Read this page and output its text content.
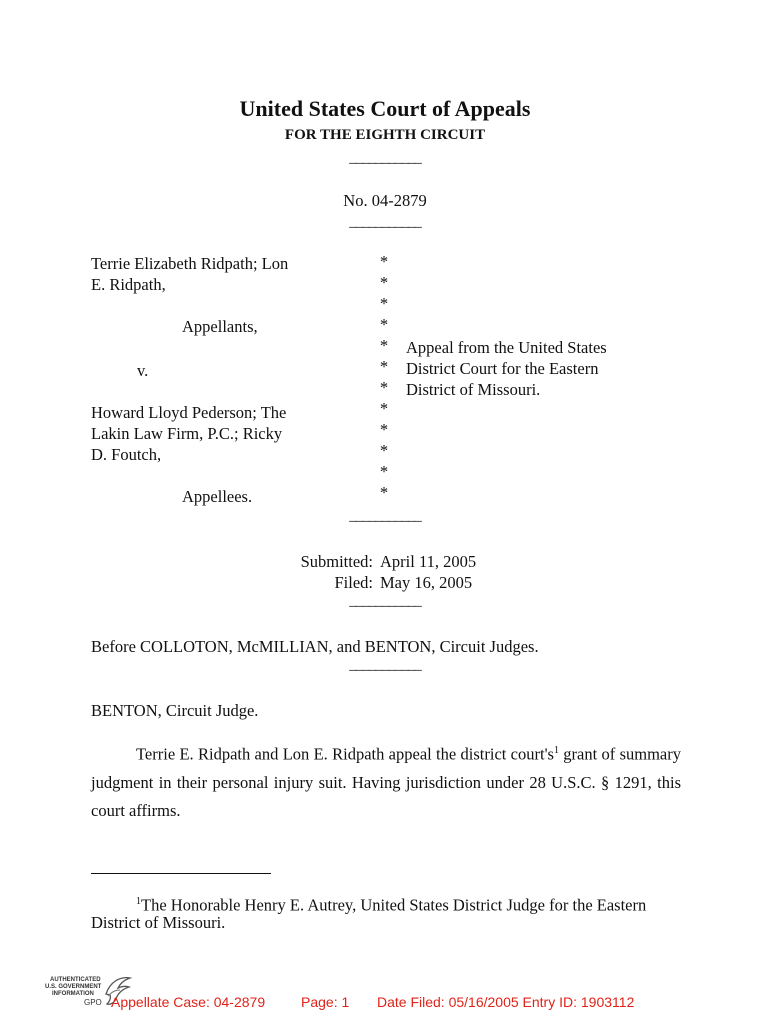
United States Court of Appeals
FOR THE EIGHTH CIRCUIT
___________
No. 04-2879
___________
Terrie Elizabeth Ridpath; Lon
E. Ridpath,
Appellants,
v.
Howard Lloyd Pederson; The
Lakin Law Firm, P.C.; Ricky
D. Foutch,
Appellees.
*
*
*
*
*
*
*
*
*
*
*
*
Appeal from the United States
District Court for the Eastern
District of Missouri.
___________
Submitted: April 11, 2005
Filed: May 16, 2005
___________
Before COLLOTON, McMILLIAN, and BENTON, Circuit Judges.
___________
BENTON, Circuit Judge.
Terrie E. Ridpath and Lon E. Ridpath appeal the district $court's^1$ grant of summary judgment in their personal injury suit. Having jurisdiction under 28 U.S.C. § 1291, this court affirms.
$^1$The Honorable Henry E. Autrey, United States District Judge for the Eastern
District of Missouri.
AUTHENTICATED
U.S. GOVERNMENT
INFORMATION
GPO Appellate Case: 04-2879	Page: 1 Date Filed: 05/16/2005 Entry ID: 1903112
